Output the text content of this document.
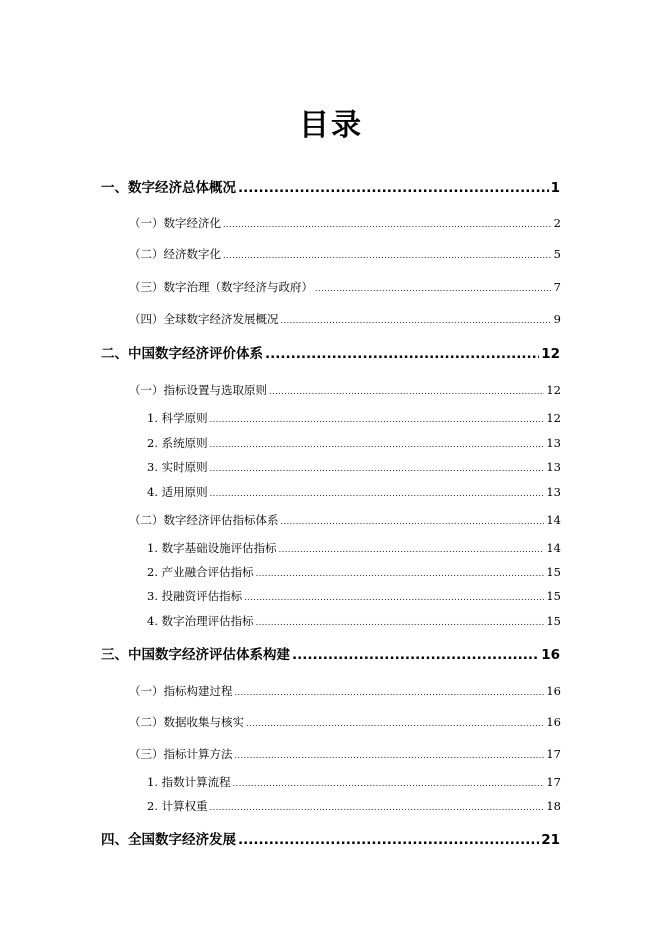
目录
一、数字经济总体概况 .....	1
（一）数字经济化 .....	2
（二）经济数字化 .....	5
（三）数字治理（数字经济与政府） .....	7
（四）全球数字经济发展概况 .....	9
二、中国数字经济评价体系 .....	12
（一）指标设置与选取原则 .....	12
1. 科学原则 .....	12
2. 系统原则 .....	13
3. 实时原则 .....	13
4. 适用原则 .....	13
（二）数字经济评估指标体系 .....	14
1. 数字基础设施评估指标 .....	14
2. 产业融合评估指标 .....	15
3. 投融资评估指标 .....	15
4. 数字治理评估指标 .....	15
三、中国数字经济评估体系构建 .....	16
（一）指标构建过程 .....	16
（二）数据收集与核实 .....	16
（三）指标计算方法 .....	17
1. 指数计算流程 .....	17
2. 计算权重 .....	18
四、全国数字经济发展 .....	21
